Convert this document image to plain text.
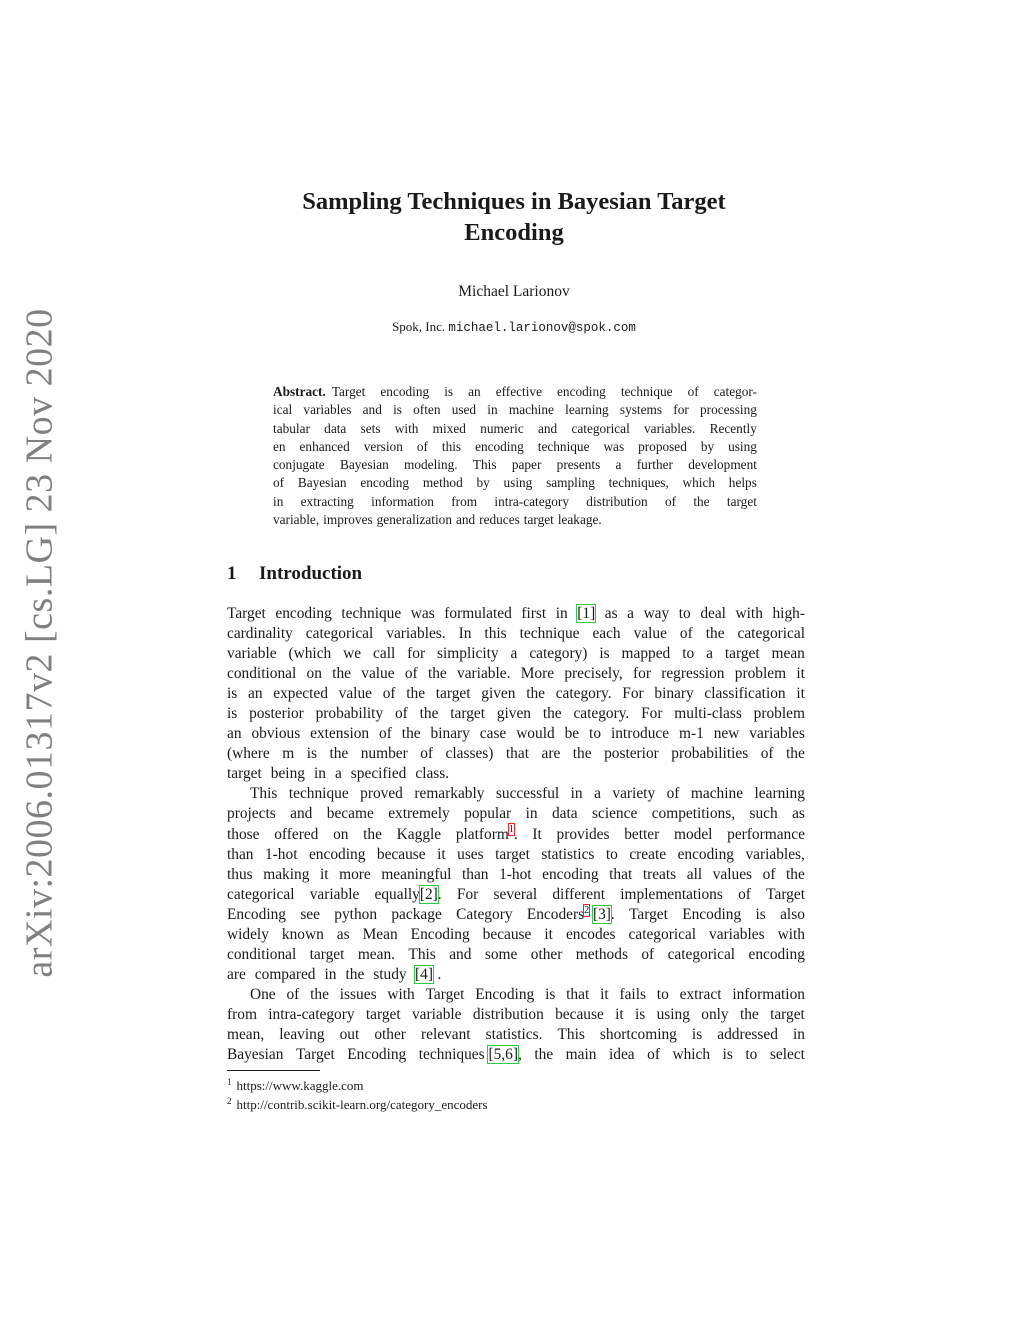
arXiv:2006.01317v2 [cs.LG] 23 Nov 2020
Sampling Techniques in Bayesian Target
Encoding
Michael Larionov
Spok, Inc. michael.larionov@spok.com
Abstract. Target encoding is an effective encoding technique of categor-
ical variables and is often used in machine learning systems for processing
tabular data sets with mixed numeric and categorical variables. Recently
en enhanced version of this encoding technique was proposed by using
conjugate Bayesian modeling. This paper presents a further development
of Bayesian encoding method by using sampling techniques, which helps
in extracting information from intra-category distribution of the target
variable, improves generalization and reduces target leakage.
1 Introduction
Target encoding technique was formulated first in [1] as a way to deal with high-
cardinality categorical variables. In this technique each value of the categorical
variable (which we call for simplicity a category) is mapped to a target mean
conditional on the value of the variable. More precisely, for regression problem it
is an expected value of the target given the category. For binary classification it
is posterior probability of the target given the category. For multi-class problem
an obvious extension of the binary case would be to introduce m-1 new variables
(where m is the number of classes) that are the posterior probabilities of the
target being in a specified class.
This technique proved remarkably successful in a variety of machine learning
projects and became extremely popular in data science competitions, such as
those offered on the Kaggle platform$^1$. It provides better model performance
than 1-hot encoding because it uses target statistics to create encoding variables,
thus making it more meaningful than 1-hot encoding that treats all values of the
categorical variable equally[2]. For several different implementations of Target
Encoding see python package Category Encoders$^2$ [3]. Target Encoding is also
widely known as Mean Encoding because it encodes categorical variables with
conditional target mean. This and some other methods of categorical encoding
are compared in the study [4] .
One of the issues with Target Encoding is that it fails to extract information
from intra-category target variable distribution because it is using only the target
mean, leaving out other relevant statistics. This shortcoming is addressed in
Bayesian Target Encoding techniques [5,6], the main idea of which is to select
$^1$ https://www.kaggle.com
$^2$ http://contrib.scikit-learn.org/category_encoders
